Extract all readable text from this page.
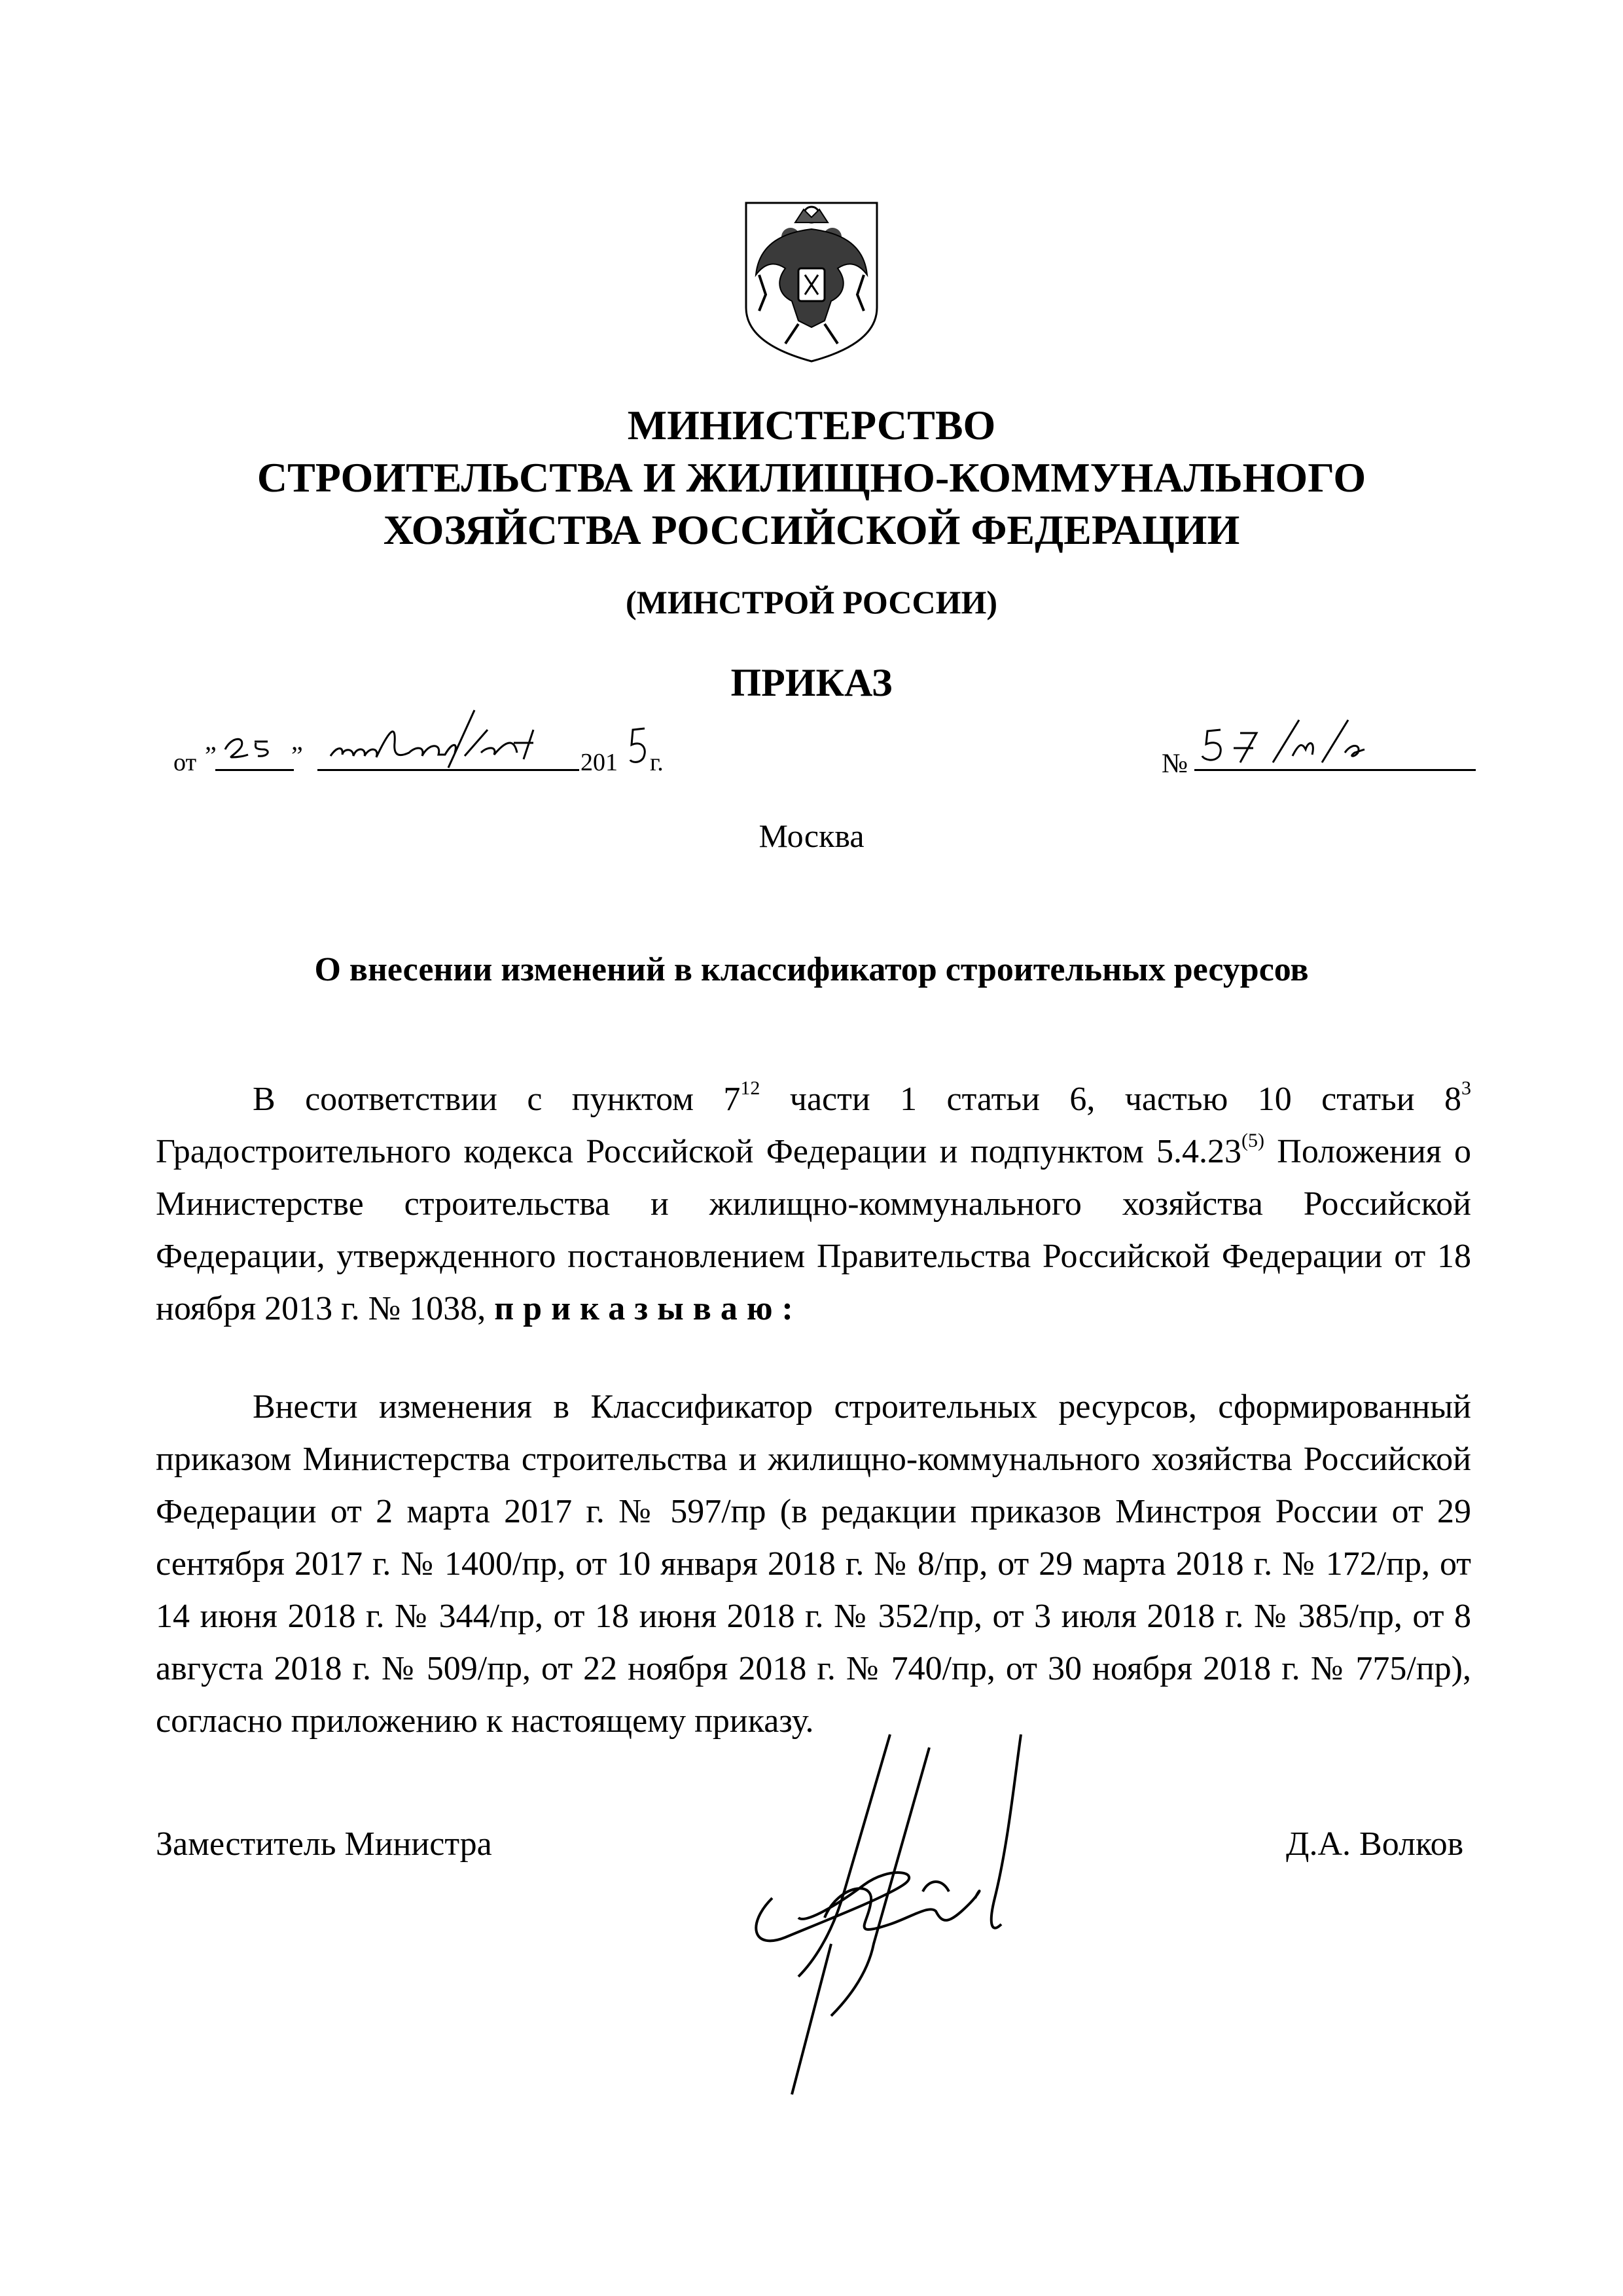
МИНИСТЕРСТВО
СТРОИТЕЛЬСТВА И ЖИЛИЩНО-КОММУНАЛЬНОГО
ХОЗЯЙСТВА РОССИЙСКОЙ ФЕДЕРАЦИИ
(МИНСТРОЙ РОССИИ)
ПРИКАЗ
от ”	”	201 г.	№
Москва
О внесении изменений в классификатор строительных ресурсов

В соответствии с пунктом $7^{12}$ части 1 статьи 6, частью 10 статьи $8^3$ Градостроительного кодекса Российской Федерации и подпунктом 5.4.23$^{(5)}$ Положения о Министерстве строительства и жилищно-коммунального хозяйства Российской Федерации, утвержденного постановлением Правительства Российской Федерации от 18 ноября 2013 г. № 1038, приказываю:

Внести изменения в Классификатор строительных ресурсов, сформированный приказом Министерства строительства и жилищно-коммунального хозяйства Российской Федерации от 2 марта 2017 г. № 597/пр (в редакции приказов Минстроя России от 29 сентября 2017 г. № 1400/пр, от 10 января 2018 г. № 8/пр, от 29 марта 2018 г. № 172/пр, от 14 июня 2018 г. № 344/пр, от 18 июня 2018 г. № 352/пр, от 3 июля 2018 г. № 385/пр, от 8 августа 2018 г. № 509/пр, от 22 ноября 2018 г. № 740/пр, от 30 ноября 2018 г. № 775/пр), согласно приложению к настоящему приказу.

Заместитель Министра	Д.А. Волков
